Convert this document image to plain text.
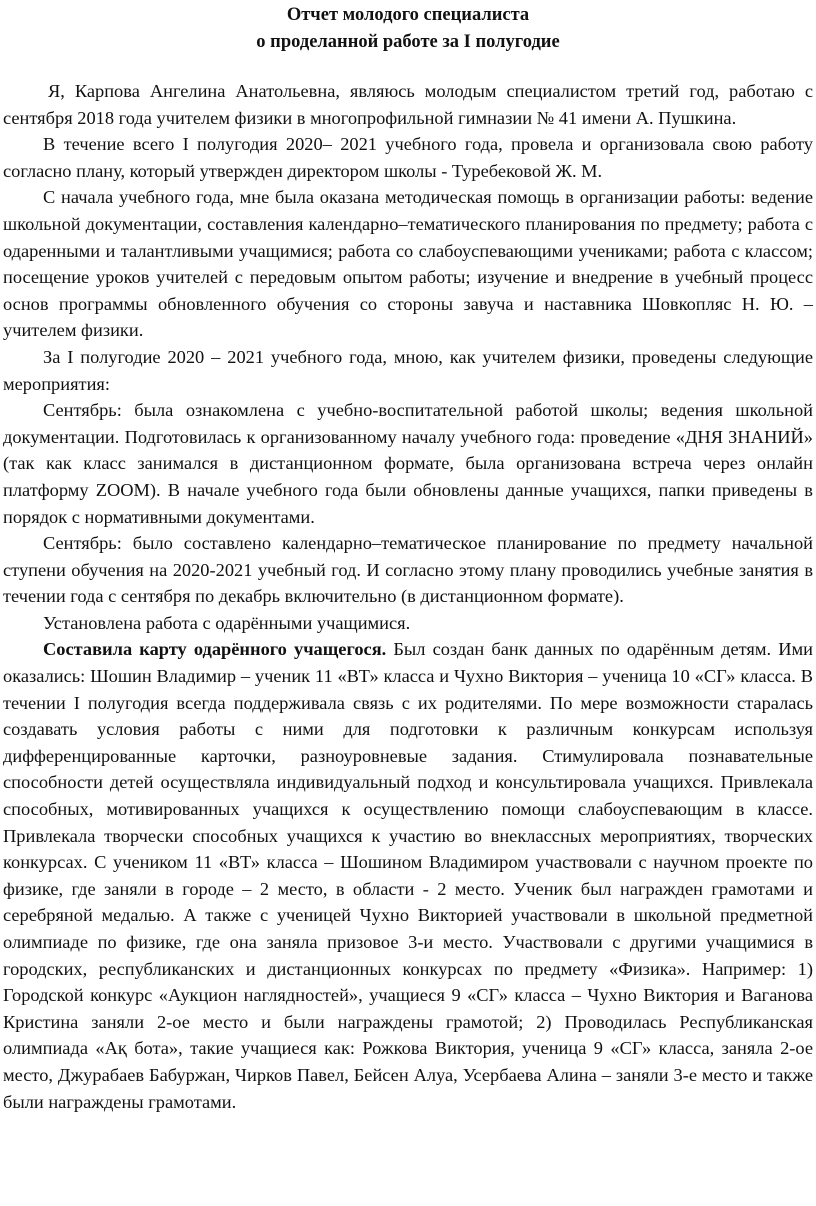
Отчет молодого специалиста

о проделанной работе за I полугодие

Я, Карпова Ангелина Анатольевна, являюсь молодым специалистом третий год, работаю с сентября 2018 года учителем физики в многопрофильной гимназии № 41 имени А. Пушкина.

В течение всего I полугодия 2020– 2021 учебного года, провела и организовала свою работу согласно плану, который утвержден директором школы - Туребековой Ж. М.

С начала учебного года, мне была оказана методическая помощь в организации работы: ведение школьной документации, составления календарно–тематического планирования по предмету; работа с одаренными и талантливыми учащимися; работа со слабоуспевающими учениками; работа с классом; посещение уроков учителей с передовым опытом работы; изучение и внедрение в учебный процесс основ программы обновленного обучения со стороны завуча и наставника Шовкопляс Н. Ю. – учителем физики.

За I полугодие 2020 – 2021 учебного года, мною, как учителем физики, проведены следующие мероприятия:

Сентябрь: была ознакомлена с учебно-воспитательной работой школы; ведения школьной документации. Подготовилась к организованному началу учебного года: проведение «ДНЯ ЗНАНИЙ» (так как класс занимался в дистанционном формате, была организована встреча через онлайн платформу ZOOM). В начале учебного года были обновлены данные учащихся, папки приведены в порядок с нормативными документами.

Сентябрь: было составлено календарно–тематическое планирование по предмету начальной ступени обучения на 2020-2021 учебный год. И согласно этому плану проводились учебные занятия в течении года с сентября по декабрь включительно (в дистанционном формате).

Установлена работа с одарёнными учащимися.

Составила карту одарённого учащегося. Был создан банк данных по одарённым детям. Ими оказались: Шошин Владимир – ученик 11 «ВТ» класса и Чухно Виктория – ученица 10 «СГ» класса. В течении I полугодия всегда поддерживала связь с их родителями. По мере возможности старалась создавать условия работы с ними для подготовки к различным конкурсам используя дифференцированные карточки, разноуровневые задания. Стимулировала познавательные способности детей осуществляла индивидуальный подход и консультировала учащихся. Привлекала способных, мотивированных учащихся к осуществлению помощи слабоуспевающим в классе. Привлекала творчески способных учащихся к участию во внеклассных мероприятиях, творческих конкурсах. С учеником 11 «ВТ» класса – Шошином Владимиром участвовали с научном проекте по физике, где заняли в городе – 2 место, в области - 2 место. Ученик был награжден грамотами и серебряной медалью. А также с ученицей Чухно Викторией участвовали в школьной предметной олимпиаде по физике, где она заняла призовое 3-и место. Участвовали с другими учащимися в городских, республиканских и дистанционных конкурсах по предмету «Физика». Например: 1) Городской конкурс «Аукцион наглядностей», учащиеся 9 «СГ» класса – Чухно Виктория и Ваганова Кристина заняли 2-ое место и были награждены грамотой; 2) Проводилась Республиканская олимпиада «Ақ бота», такие учащиеся как: Рожкова Виктория, ученица 9 «СГ» класса, заняла 2-ое место, Джурабаев Бабуржан, Чирков Павел, Бейсен Алуа, Усербаева Алина – заняли 3-е место и также были награждены грамотами.
